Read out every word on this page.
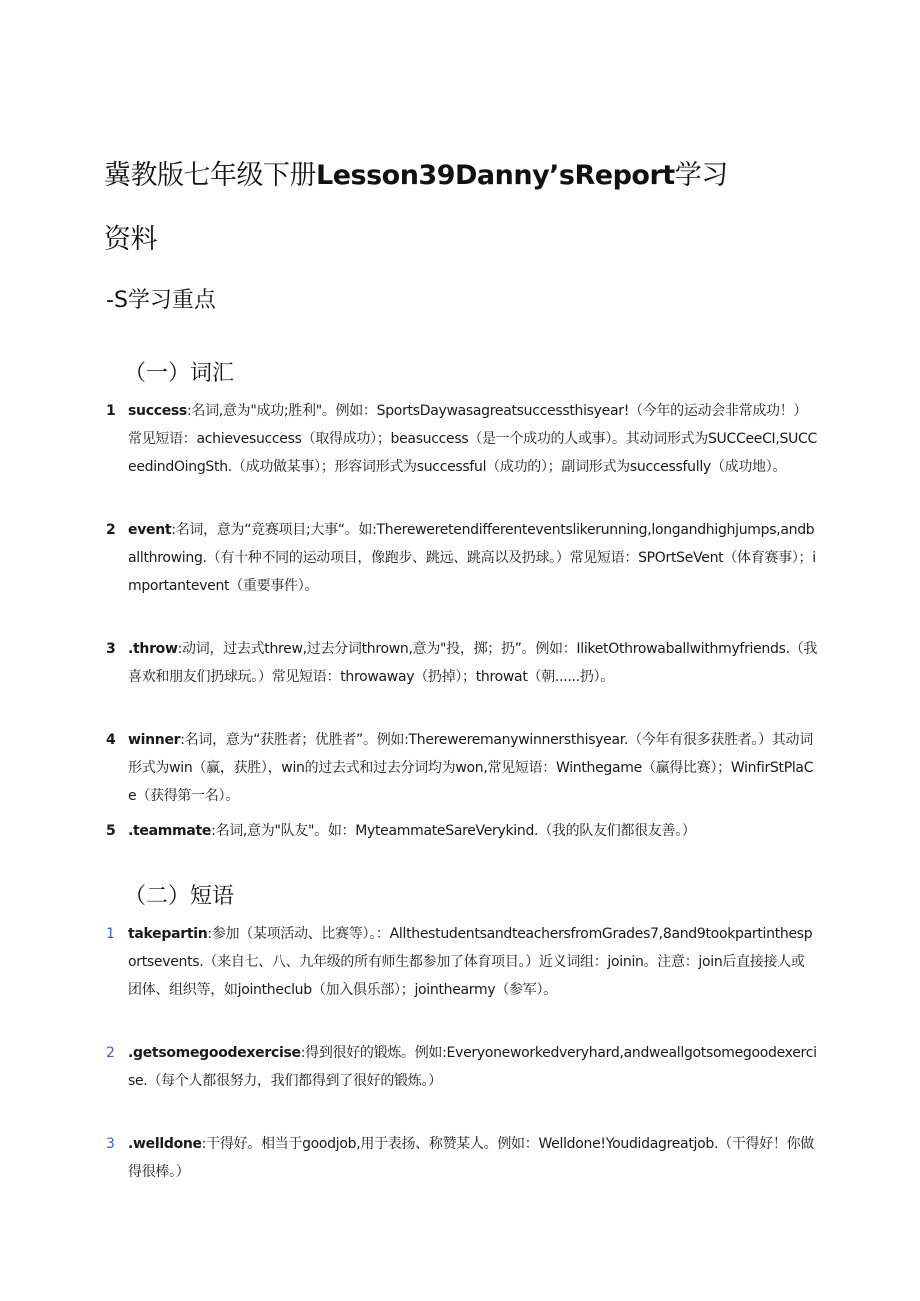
冀教版七年级下册Lesson39Danny’sReport学习资料
-S学习重点
（一）词汇
1 success:名词,意为"成功;胜利"。例如：SportsDaywasagreatsuccessthisyear!（今年的运动会非常成功！）常见短语：achievesuccess（取得成功）；beasuccess（是一个成功的人或事）。其动词形式为SUCCeeCI,SUCCeedindOingSth.（成功做某事）；形容词形式为successful（成功的）；副词形式为successfully（成功地）。
2 event:名词，意为“竞赛项目;大事“。如:Thereweretendifferenteventslikerunning,longandhighjumps,andballthrowing.（有十种不同的运动项目，像跑步、跳远、跳高以及扔球。）常见短语：SPOrtSeVent（体育赛事）；importantevent（重要事件）。
3 .throw:动词，过去式threw,过去分词thrown,意为"投，掷；扔”。例如：IliketOthrowaballwithmyfriends.（我喜欢和朋友们扔球玩。）常见短语：throwaway（扔掉）；throwat（朝......扔）。
4 winner:名词，意为“获胜者；优胜者”。例如:Thereweremanywinnersthisyear.（今年有很多获胜者。）其动词形式为win（赢，获胜），win的过去式和过去分词均为won,常见短语：Winthegame（赢得比赛）；WinfirStPlaCe（获得第一名）。
5 .teammate:名词,意为"队友"。如：MyteammateSareVerykind.（我的队友们都很友善。）
（二）短语
1 takepartin:参加（某项活动、比赛等）。：AllthestudentsandteachersfromGrades7,8and9tookpartinthesportsevents.（来自七、八、九年级的所有师生都参加了体育项目。）近义词组：joinin。注意：join后直接接人或团体、组织等，如jointheclub（加入俱乐部）；jointhearmy（参军）。
2 .getsomegoodexercise:得到很好的锻炼。例如:Everyoneworkedveryhard,andweallgotsomegoodexercise.（每个人都很努力，我们都得到了很好的锻炼。）
3 .welldone:干得好。相当于goodjob,用于表扬、称赞某人。例如：Welldone!Youdidagreatjob.（干得好！你做得很棒。）
